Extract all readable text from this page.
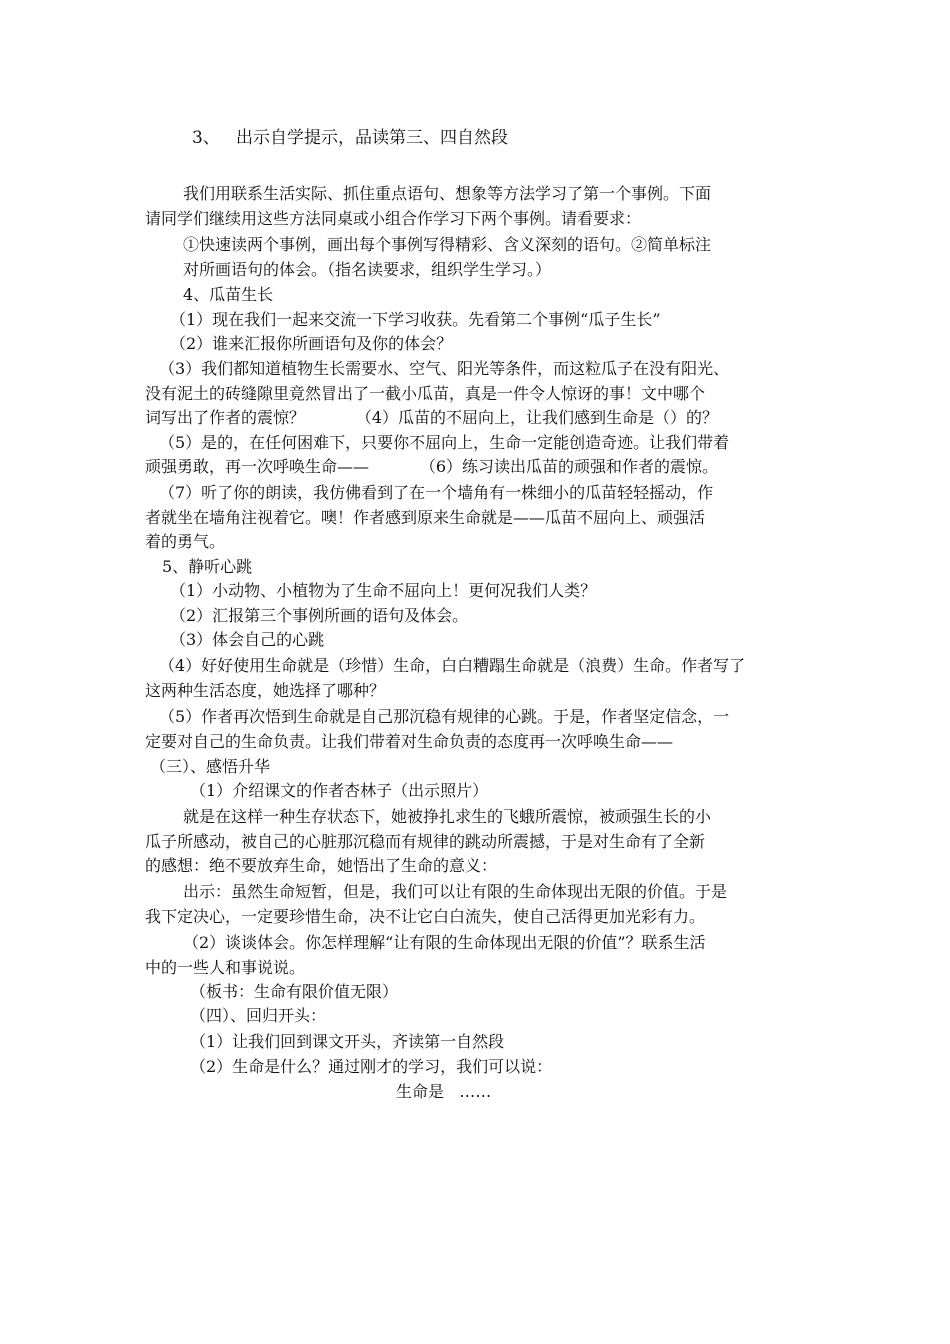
3、   出示自学提示，品读第三、四自然段
我们用联系生活实际、抓住重点语句、想象等方法学习了第一个事例。下面
请同学们继续用这些方法同桌或小组合作学习下两个事例。请看要求：
①快速读两个事例，画出每个事例写得精彩、含义深刻的语句。②简单标注
对所画语句的体会。（指名读要求，组织学生学习。）
4、瓜苗生长
（1）现在我们一起来交流一下学习收获。先看第二个事例“瓜子生长”
（2）谁来汇报你所画语句及你的体会？
（3）我们都知道植物生长需要水、空气、阳光等条件，而这粒瓜子在没有阳光、
没有泥土的砖缝隙里竟然冒出了一截小瓜苗，真是一件令人惊讶的事！文中哪个
词写出了作者的震惊？          （4）瓜苗的不屈向上，让我们感到生命是（）的？
（5）是的，在任何困难下，只要你不屈向上，生命一定能创造奇迹。让我们带着
顽强勇敢，再一次呼唤生命——          （6）练习读出瓜苗的顽强和作者的震惊。
（7）听了你的朗读，我仿佛看到了在一个墙角有一株细小的瓜苗轻轻摇动，作
者就坐在墙角注视着它。噢！作者感到原来生命就是——瓜苗不屈向上、顽强活
着的勇气。
5、静听心跳
（1）小动物、小植物为了生命不屈向上！更何况我们人类？
（2）汇报第三个事例所画的语句及体会。
（3）体会自己的心跳
（4）好好使用生命就是（珍惜）生命，白白糟蹋生命就是（浪费）生命。作者写了
这两种生活态度，她选择了哪种？
（5）作者再次悟到生命就是自己那沉稳有规律的心跳。于是，作者坚定信念，一
定要对自己的生命负责。让我们带着对生命负责的态度再一次呼唤生命——
（三）、感悟升华
（1）介绍课文的作者杏林子（出示照片）
就是在这样一种生存状态下，她被挣扎求生的飞蛾所震惊，被顽强生长的小
瓜子所感动，被自己的心脏那沉稳而有规律的跳动所震撼，于是对生命有了全新
的感想：绝不要放弃生命，她悟出了生命的意义：
出示：虽然生命短暂，但是，我们可以让有限的生命体现出无限的价值。于是
我下定决心，一定要珍惜生命，决不让它白白流失，使自己活得更加光彩有力。
（2）谈谈体会。你怎样理解“让有限的生命体现出无限的价值”？联系生活
中的一些人和事说说。
（板书：生命有限价值无限）
（四）、回归开头：
（1）让我们回到课文开头，齐读第一自然段
（2）生命是什么？通过刚才的学习，我们可以说：
生命是   ……
